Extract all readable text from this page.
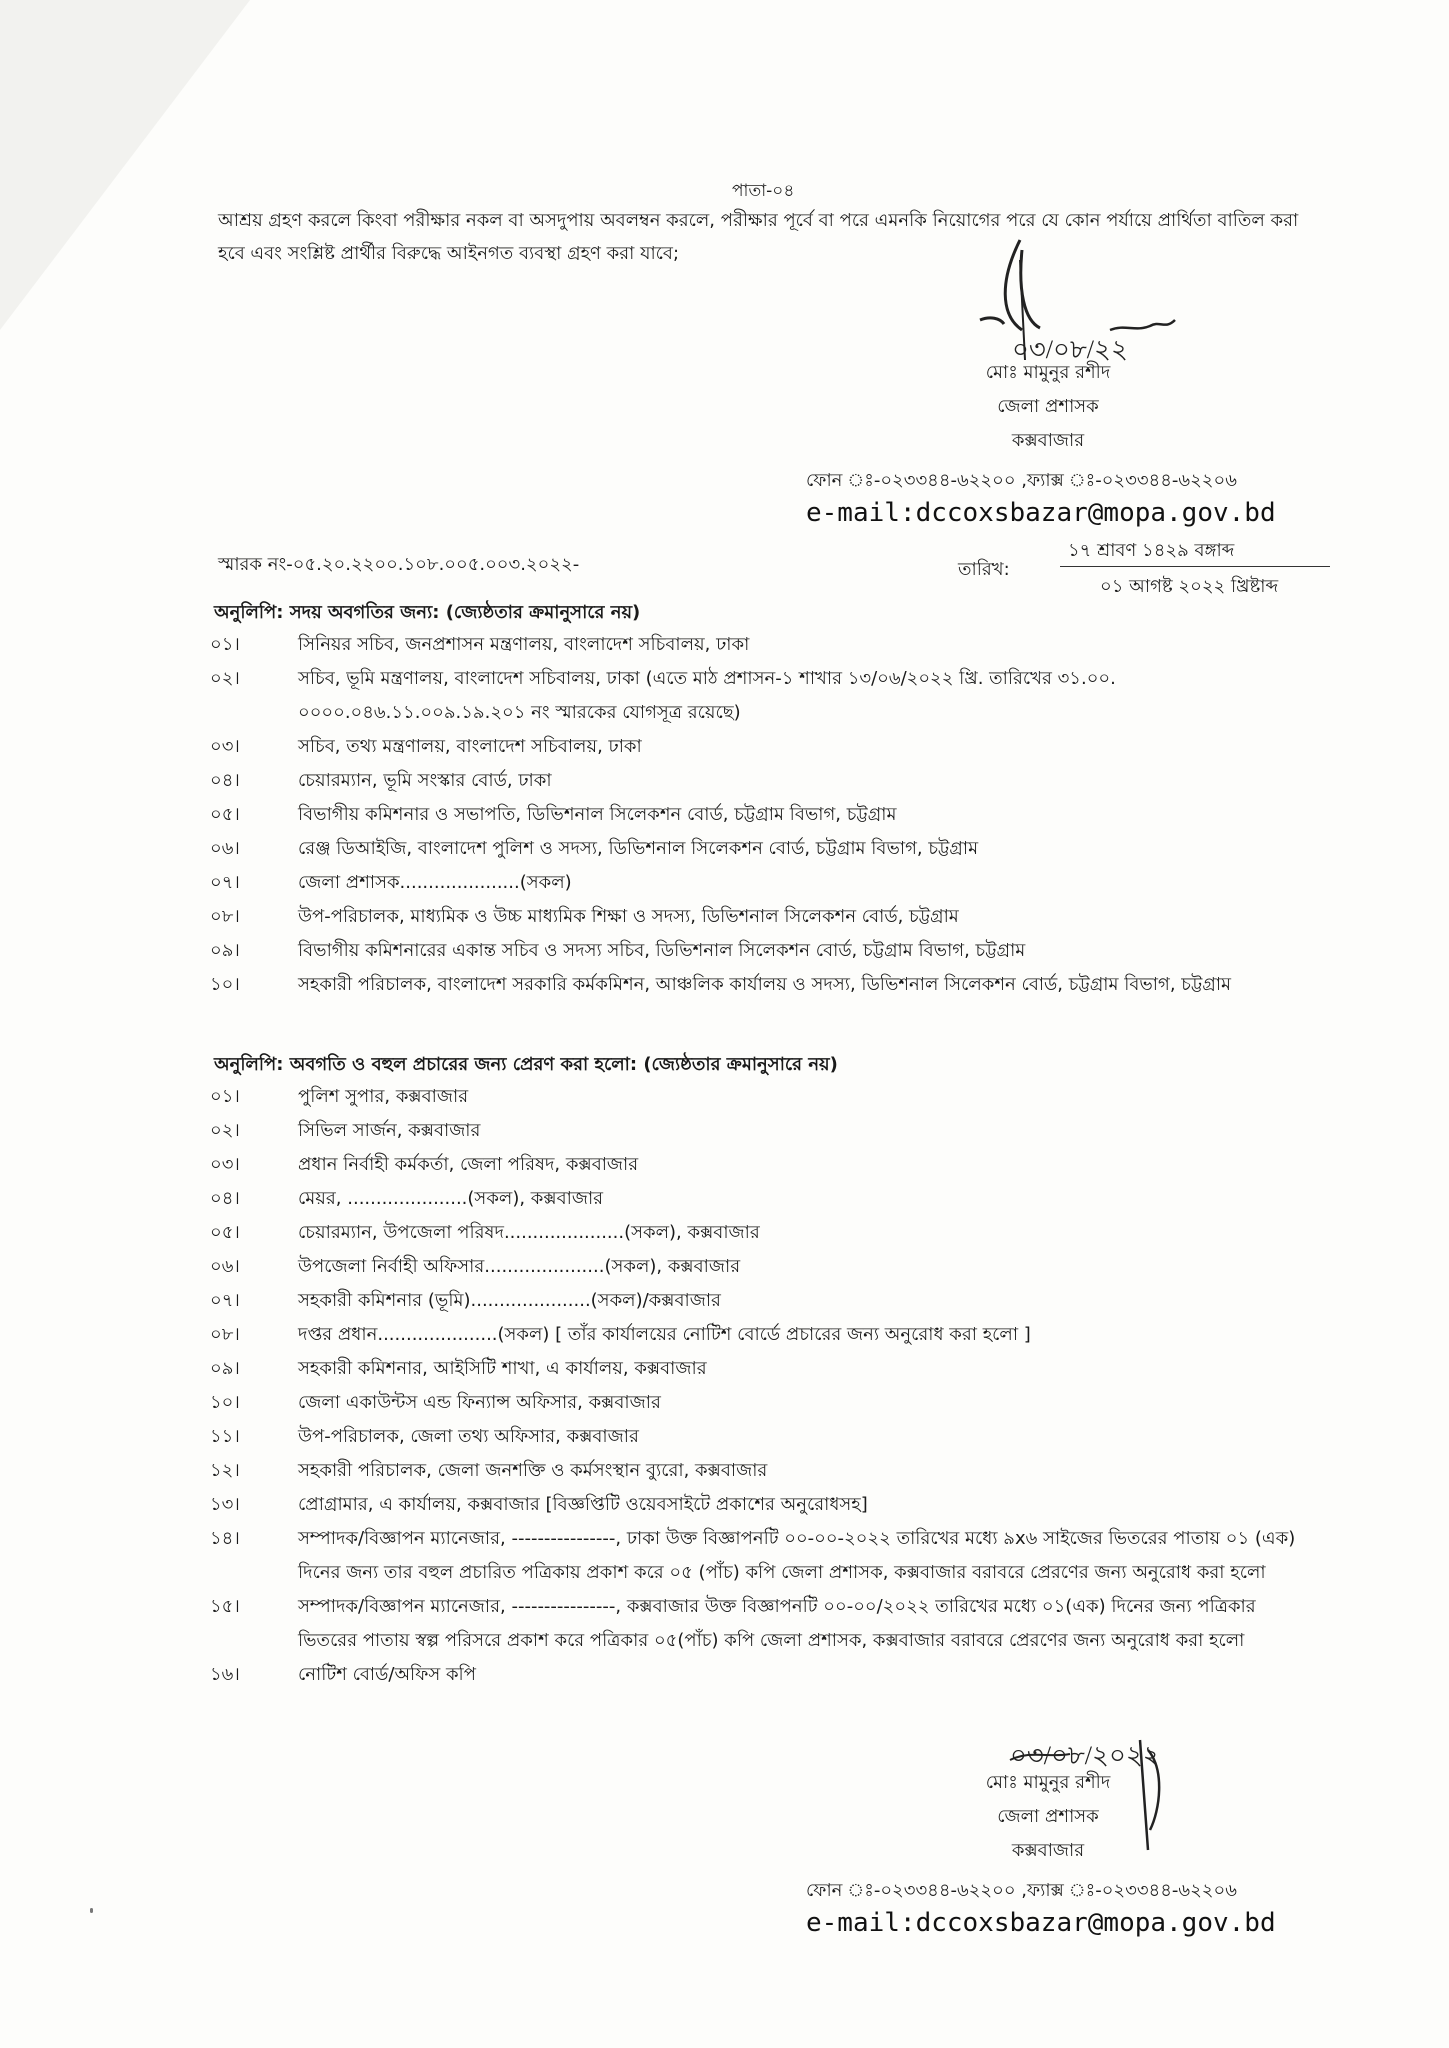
পাতা-০৪
আশ্রয় গ্রহণ করলে কিংবা পরীক্ষার নকল বা অসদুপায় অবলম্বন করলে, পরীক্ষার পূর্বে বা পরে এমনকি নিয়োগের পরে যে কোন পর্যায়ে প্রার্থিতা বাতিল করা হবে এবং সংশ্লিষ্ট প্রার্থীর বিরুদ্ধে আইনগত ব্যবস্থা গ্রহণ করা যাবে;
০৩/০৮/২২
মোঃ মামুনুর রশীদ
জেলা প্রশাসক
কক্সবাজার
ফোন ঃ-০২৩৩৪৪-৬২২০০ ,ফ্যাক্স ঃ-০২৩৩৪৪-৬২২০৬
e-mail:dccoxsbazar@mopa.gov.bd
স্মারক নং-০৫.২০.২২০০.১০৮.০০৫.০০৩.২০২২-	তারিখ:
১৭ শ্রাবণ ১৪২৯ বঙ্গাব্দ
০১ আগষ্ট ২০২২ খ্রিষ্টাব্দ
অনুলিপি: সদয় অবগতির জন্য: (জ্যেষ্ঠতার ক্রমানুসারে নয়)
০১।	সিনিয়র সচিব, জনপ্রশাসন মন্ত্রণালয়, বাংলাদেশ সচিবালয়, ঢাকা
০২।	সচিব, ভূমি মন্ত্রণালয়, বাংলাদেশ সচিবালয়, ঢাকা (এতে মাঠ প্রশাসন-১ শাখার ১৩/০৬/২০২২ খ্রি. তারিখের ৩১.০০. ০০০০.০৪৬.১১.০০৯.১৯.২০১ নং স্মারকের যোগসূত্র রয়েছে)
০৩।	সচিব, তথ্য মন্ত্রণালয়, বাংলাদেশ সচিবালয়, ঢাকা
০৪।	চেয়ারম্যান, ভূমি সংস্কার বোর্ড, ঢাকা
০৫।	বিভাগীয় কমিশনার ও সভাপতি, ডিভিশনাল সিলেকশন বোর্ড, চট্টগ্রাম বিভাগ, চট্টগ্রাম
০৬।	রেঞ্জ ডিআইজি, বাংলাদেশ পুলিশ ও সদস্য, ডিভিশনাল সিলেকশন বোর্ড, চট্টগ্রাম বিভাগ, চট্টগ্রাম
০৭।	জেলা প্রশাসক.....................(সকল)
০৮।	উপ-পরিচালক, মাধ্যমিক ও উচ্চ মাধ্যমিক শিক্ষা ও সদস্য, ডিভিশনাল সিলেকশন বোর্ড, চট্টগ্রাম
০৯।	বিভাগীয় কমিশনারের একান্ত সচিব ও সদস্য সচিব, ডিভিশনাল সিলেকশন বোর্ড, চট্টগ্রাম বিভাগ, চট্টগ্রাম
১০।	সহকারী পরিচালক, বাংলাদেশ সরকারি কর্মকমিশন, আঞ্চলিক কার্যালয় ও সদস্য, ডিভিশনাল সিলেকশন বোর্ড, চট্টগ্রাম বিভাগ, চট্টগ্রাম
অনুলিপি: অবগতি ও বহুল প্রচারের জন্য প্রেরণ করা হলো: (জ্যেষ্ঠতার ক্রমানুসারে নয়)
০১।	পুলিশ সুপার, কক্সবাজার
০২।	সিভিল সার্জন, কক্সবাজার
০৩।	প্রধান নির্বাহী কর্মকর্তা, জেলা পরিষদ, কক্সবাজার
০৪।	মেয়র, .....................(সকল), কক্সবাজার
০৫।	চেয়ারম্যান, উপজেলা পরিষদ.....................(সকল), কক্সবাজার
০৬।	উপজেলা নির্বাহী অফিসার.....................(সকল), কক্সবাজার
০৭।	সহকারী কমিশনার (ভূমি).....................(সকল)/কক্সবাজার
০৮।	দপ্তর প্রধান.....................(সকল) [ তাঁর কার্যালয়ের নোটিশ বোর্ডে প্রচারের জন্য অনুরোধ করা হলো ]
০৯।	সহকারী কমিশনার, আইসিটি শাখা, এ কার্যালয়, কক্সবাজার
১০।	জেলা একাউন্টস এন্ড ফিন্যান্স অফিসার, কক্সবাজার
১১।	উপ-পরিচালক, জেলা তথ্য অফিসার, কক্সবাজার
১২।	সহকারী পরিচালক, জেলা জনশক্তি ও কর্মসংস্থান ব্যুরো, কক্সবাজার
১৩।	প্রোগ্রামার, এ কার্যালয়, কক্সবাজার [বিজ্ঞপ্তিটি ওয়েবসাইটে প্রকাশের অনুরোধসহ]
১৪।	সম্পাদক/বিজ্ঞাপন ম্যানেজার, ----------------, ঢাকা উক্ত বিজ্ঞাপনটি ০০-০০-২০২২ তারিখের মধ্যে ৯x৬ সাইজের ভিতরের পাতায় ০১ (এক) দিনের জন্য তার বহুল প্রচারিত পত্রিকায় প্রকাশ করে ০৫ (পাঁচ) কপি জেলা প্রশাসক, কক্সবাজার বরাবরে প্রেরণের জন্য অনুরোধ করা হলো
১৫।	সম্পাদক/বিজ্ঞাপন ম্যানেজার, ----------------, কক্সবাজার উক্ত বিজ্ঞাপনটি ০০-০০/২০২২ তারিখের মধ্যে ০১(এক) দিনের জন্য পত্রিকার ভিতরের পাতায় স্বল্প পরিসরে প্রকাশ করে পত্রিকার ০৫(পাঁচ) কপি জেলা প্রশাসক, কক্সবাজার বরাবরে প্রেরণের জন্য অনুরোধ করা হলো
১৬।	নোটিশ বোর্ড/অফিস কপি
০৩/০৮/২০২২
মোঃ মামুনুর রশীদ
জেলা প্রশাসক
কক্সবাজার
ফোন ঃ-০২৩৩৪৪-৬২২০০ ,ফ্যাক্স ঃ-০২৩৩৪৪-৬২২০৬
e-mail:dccoxsbazar@mopa.gov.bd
